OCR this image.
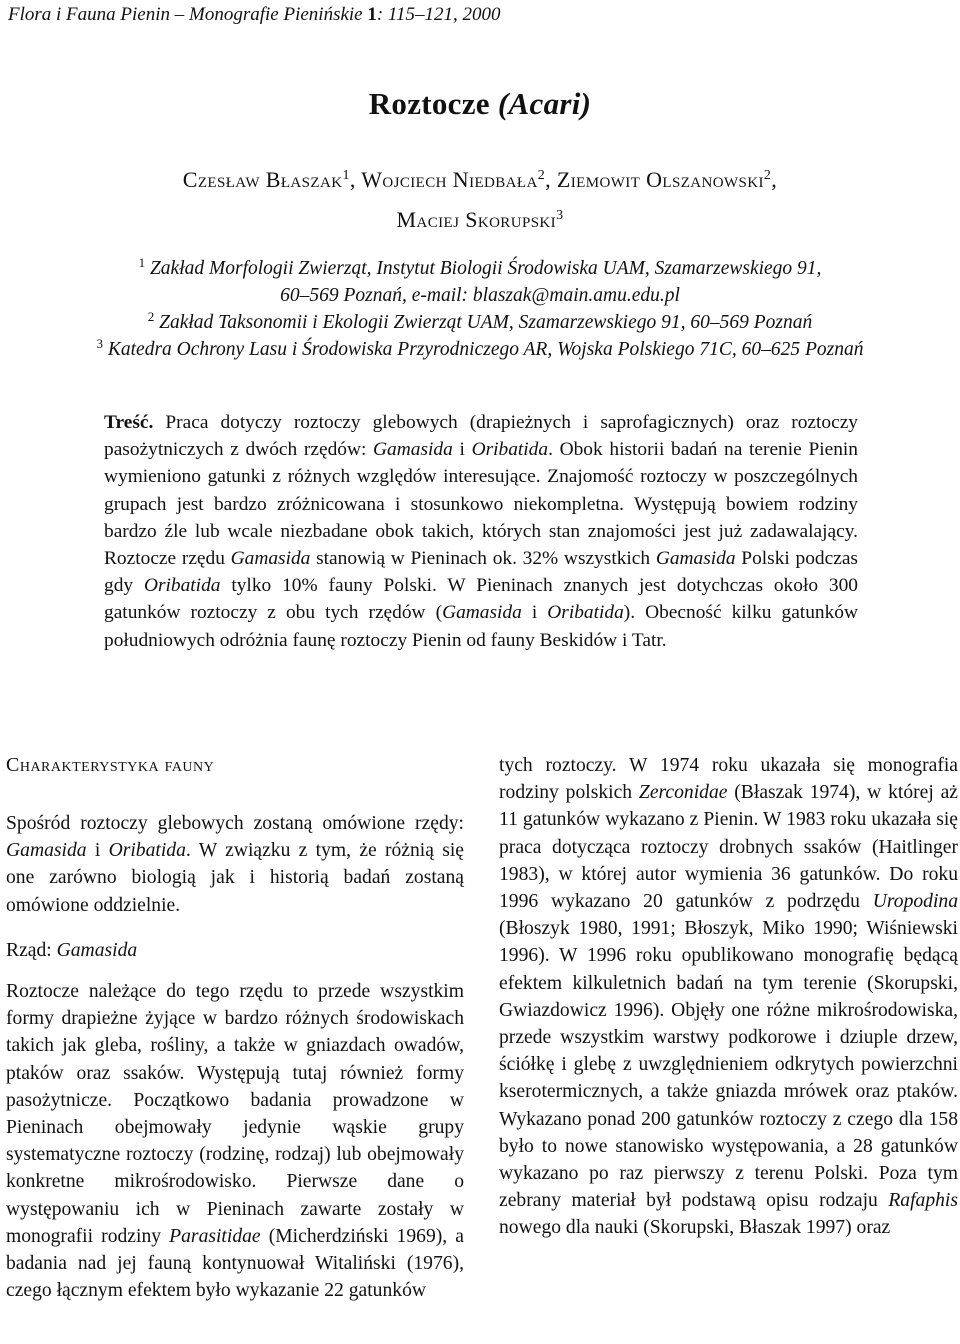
Flora i Fauna Pienin – Monografie Pienińskie 1: 115–121, 2000
Roztocze (Acari)
Czesław Błaszak$^1$, Wojciech Niedbała$^2$, Ziemowit Olszanowski$^2$,
Maciej Skorupski$^3$
$^1$ Zakład Morfologii Zwierząt, Instytut Biologii Środowiska UAM, Szamarzewskiego 91,
60–569 Poznań, e-mail: blaszak@main.amu.edu.pl
$^2$ Zakład Taksonomii i Ekologii Zwierząt UAM, Szamarzewskiego 91, 60–569 Poznań
$^3$ Katedra Ochrony Lasu i Środowiska Przyrodniczego AR, Wojska Polskiego 71C, 60–625 Poznań
Treść. Praca dotyczy roztoczy glebowych (drapieżnych i saprofagicznych) oraz roztoczy pasożytniczych z dwóch rzędów: Gamasida i Oribatida. Obok historii badań na terenie Pienin wymieniono gatunki z różnych względów interesujące. Znajomość roztoczy w poszczególnych grupach jest bardzo zróżnicowana i stosunkowo niekompletna. Występują bowiem rodziny bardzo źle lub wcale niezbadane obok takich, których stan znajomości jest już zadawalający. Roztocze rzędu Gamasida stanowią w Pieninach ok. 32% wszystkich Gamasida Polski podczas gdy Oribatida tylko 10% fauny Polski. W Pieninach znanych jest dotychczas około 300 gatunków roztoczy z obu tych rzędów (Gamasida i Oribatida). Obecność kilku gatunków południowych odróżnia faunę roztoczy Pienin od fauny Beskidów i Tatr.
Charakterystyka fauny

Spośród roztoczy glebowych zostaną omówione rzędy: Gamasida i Oribatida. W związku z tym, że różnią się one zarówno biologią jak i historią badań zostaną omówione oddzielnie.

Rząd: Gamasida

Roztocze należące do tego rzędu to przede wszystkim formy drapieżne żyjące w bardzo różnych środowiskach takich jak gleba, rośliny, a także w gniazdach owadów, ptaków oraz ssaków. Występują tutaj również formy pasożytnicze. Początkowo badania prowadzone w Pieninach obejmowały jedynie wąskie grupy systematyczne roztoczy (rodzinę, rodzaj) lub obejmowały konkretne mikrośrodowisko. Pierwsze dane o występowaniu ich w Pieninach zawarte zostały w monografii rodziny Parasitidae (Micherdziński 1969), a badania nad jej fauną kontynuował Witaliński (1976), czego łącznym efektem było wykazanie 22 gatunków

tych roztoczy. W 1974 roku ukazała się monografia rodziny polskich Zerconidae (Błaszak 1974), w której aż 11 gatunków wykazano z Pienin. W 1983 roku ukazała się praca dotycząca roztoczy drobnych ssaków (Haitlinger 1983), w której autor wymienia 36 gatunków. Do roku 1996 wykazano 20 gatunków z podrzędu Uropodina (Błoszyk 1980, 1991; Błoszyk, Miko 1990; Wiśniewski 1996). W 1996 roku opublikowano monografię będącą efektem kilkuletnich badań na tym terenie (Skorupski, Gwiazdowicz 1996). Objęły one różne mikrośrodowiska, przede wszystkim warstwy podkorowe i dziuple drzew, ściółkę i glebę z uwzględnieniem odkrytych powierzchni kserotermicznych, a także gniazda mrówek oraz ptaków. Wykazano ponad 200 gatunków roztoczy z czego dla 158 było to nowe stanowisko występowania, a 28 gatunków wykazano po raz pierwszy z terenu Polski. Poza tym zebrany materiał był podstawą opisu rodzaju Rafaphis nowego dla nauki (Skorupski, Błaszak 1997) oraz
